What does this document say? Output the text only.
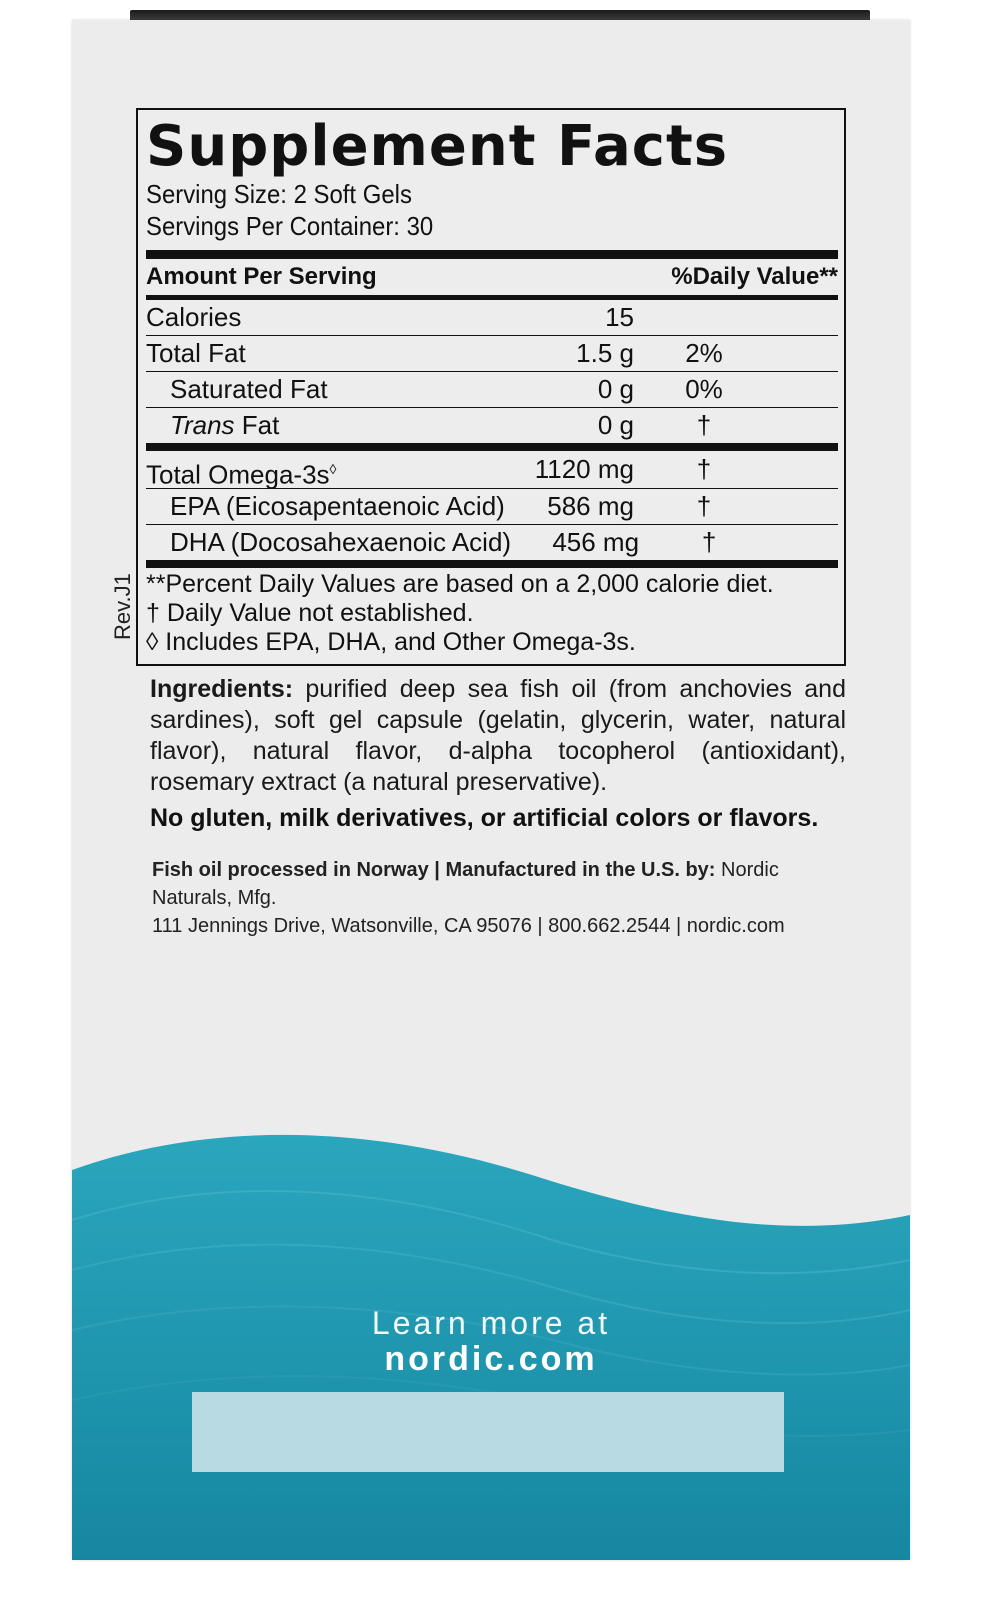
Supplement Facts
Serving Size: 2 Soft Gels
Servings Per Container: 30
Amount Per Serving	%Daily Value**
Calories	15
Total Fat	1.5 g	2%
Saturated Fat	0 g	0%
Trans Fat	0 g	†
Total Omega-3s◊	1120 mg	†
EPA (Eicosapentaenoic Acid)	586 mg	†
DHA (Docosahexaenoic Acid)	456 mg	†
**Percent Daily Values are based on a 2,000 calorie diet.
† Daily Value not established.
◊ Includes EPA, DHA, and Other Omega-3s.
Rev.J1
Ingredients: purified deep sea fish oil (from anchovies and sardines), soft gel capsule (gelatin, glycerin, water, natural flavor), natural flavor, d-alpha tocopherol (antioxidant), rosemary extract (a natural preservative).
No gluten, milk derivatives, or artificial colors or flavors.
Fish oil processed in Norway | Manufactured in the U.S. by: Nordic Naturals, Mfg.
111 Jennings Drive, Watsonville, CA 95076 | 800.662.2544 | nordic.com
Learn more at
nordic.com
